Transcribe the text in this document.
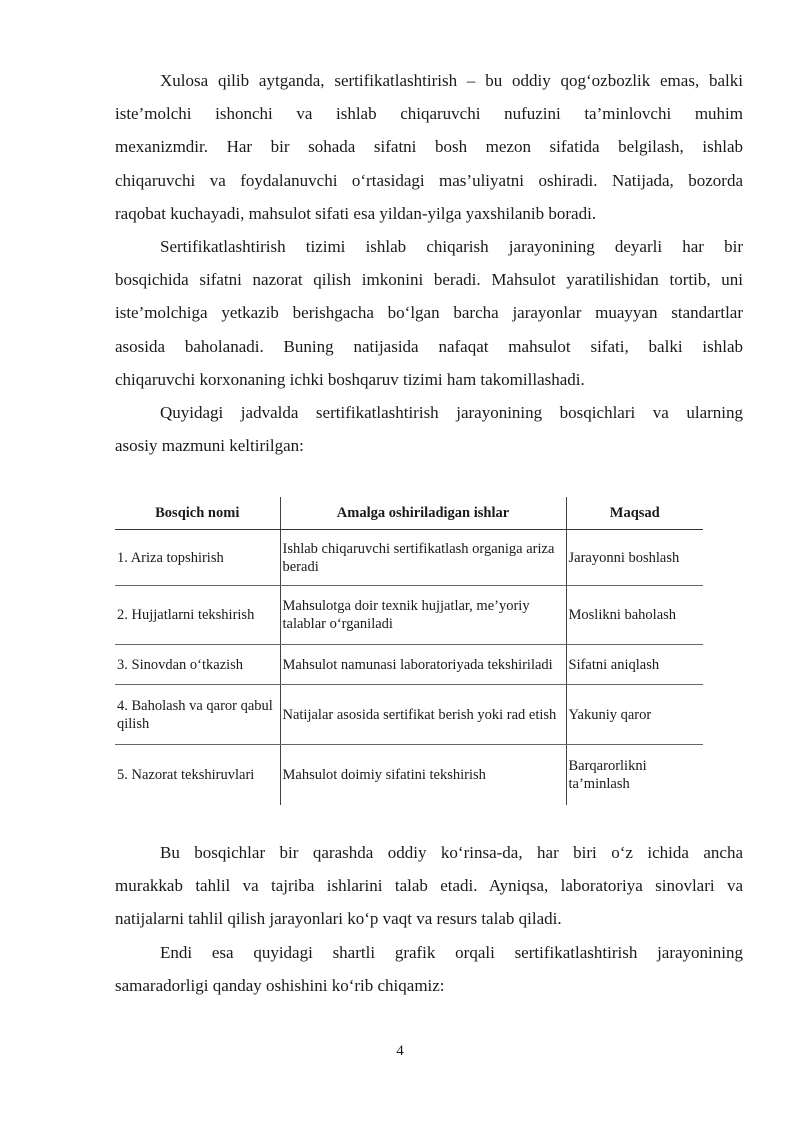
Xulosa qilib aytganda, sertifikatlashtirish – bu oddiy qog‘ozbozlik emas, balki
iste’molchi ishonchi va ishlab chiqaruvchi nufuzini ta’minlovchi muhim
mexanizmdir. Har bir sohada sifatni bosh mezon sifatida belgilash, ishlab
chiqaruvchi va foydalanuvchi o‘rtasidagi mas’uliyatni oshiradi. Natijada, bozorda
raqobat kuchayadi, mahsulot sifati esa yildan-yilga yaxshilanib boradi.

Sertifikatlashtirish tizimi ishlab chiqarish jarayonining deyarli har bir
bosqichida sifatni nazorat qilish imkonini beradi. Mahsulot yaratilishidan tortib, uni
iste’molchiga yetkazib berishgacha bo‘lgan barcha jarayonlar muayyan standartlar
asosida baholanadi. Buning natijasida nafaqat mahsulot sifati, balki ishlab
chiqaruvchi korxonaning ichki boshqaruv tizimi ham takomillashadi.

Quyidagi jadvalda sertifikatlashtirish jarayonining bosqichlari va ularning
asosiy mazmuni keltirilgan:

Bosqich nomi	Amalga oshiriladigan ishlar	Maqsad
1. Ariza topshirish	Ishlab chiqaruvchi sertifikatlash organiga ariza beradi	Jarayonni boshlash
2. Hujjatlarni tekshirish	Mahsulotga doir texnik hujjatlar, me’yoriy talablar o‘rganiladi	Moslikni baholash
3. Sinovdan o‘tkazish	Mahsulot namunasi laboratoriyada tekshiriladi	Sifatni aniqlash
4. Baholash va qaror qabul qilish	Natijalar asosida sertifikat berish yoki rad etish	Yakuniy qaror
5. Nazorat tekshiruvlari	Mahsulot doimiy sifatini tekshirish	Barqarorlikni ta’minlash

Bu bosqichlar bir qarashda oddiy ko‘rinsa-da, har biri o‘z ichida ancha
murakkab tahlil va tajriba ishlarini talab etadi. Ayniqsa, laboratoriya sinovlari va
natijalarni tahlil qilish jarayonlari ko‘p vaqt va resurs talab qiladi.

Endi esa quyidagi shartli grafik orqali sertifikatlashtirish jarayonining
samaradorligi qanday oshishini ko‘rib chiqamiz:

4
